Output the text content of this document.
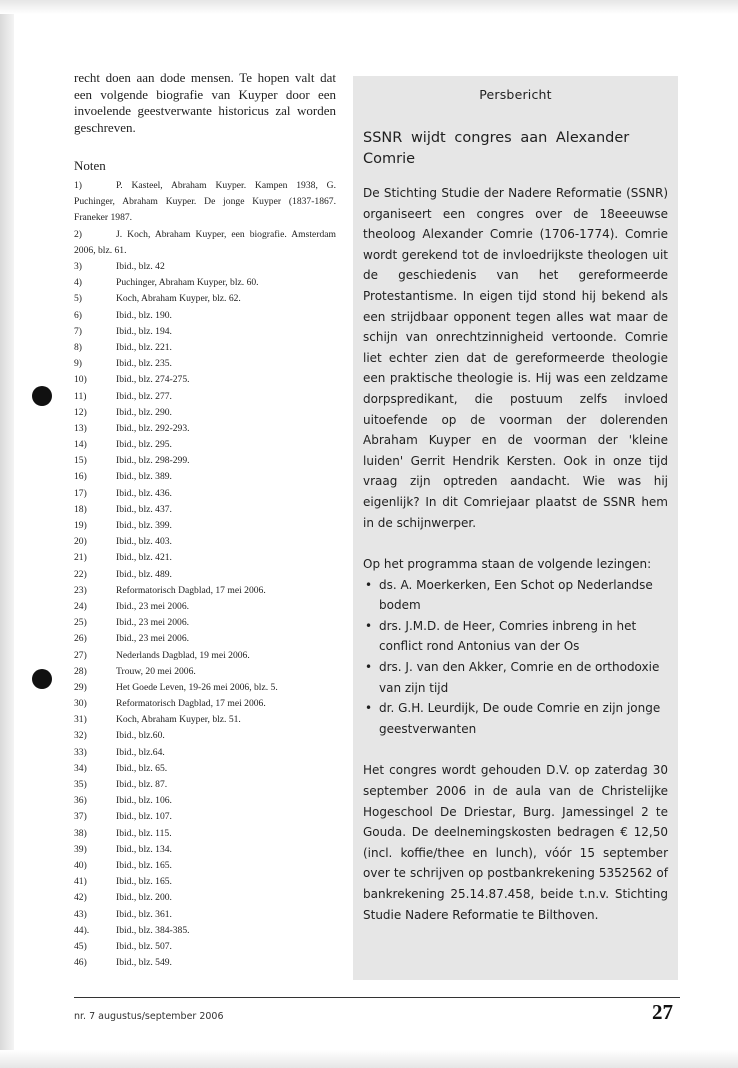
recht doen aan dode mensen. Te hopen valt dat een volgende biografie van Kuyper door een invoelende geestverwante historicus zal worden geschreven.

Noten
1)	P. Kasteel, Abraham Kuyper. Kampen 1938, G. Puchinger, Abraham Kuyper. De jonge Kuyper (1837-1867. Franeker 1987.
2)	J. Koch, Abraham Kuyper, een biografie. Amsterdam 2006, blz. 61.
3)	Ibid., blz. 42
4)	Puchinger, Abraham Kuyper, blz. 60.
5)	Koch, Abraham Kuyper, blz. 62.
6)	Ibid., blz. 190.
7)	Ibid., blz. 194.
8)	Ibid., blz. 221.
9)	Ibid., blz. 235.
10)	Ibid., blz. 274-275.
11)	Ibid., blz. 277.
12)	Ibid., blz. 290.
13)	Ibid., blz. 292-293.
14)	Ibid., blz. 295.
15)	Ibid., blz. 298-299.
16)	Ibid., blz. 389.
17)	Ibid., blz. 436.
18)	Ibid., blz. 437.
19)	Ibid., blz. 399.
20)	Ibid., blz. 403.
21)	Ibid., blz. 421.
22)	Ibid., blz. 489.
23)	Reformatorisch Dagblad, 17 mei 2006.
24)	Ibid., 23 mei 2006.
25)	Ibid., 23 mei 2006.
26)	Ibid., 23 mei 2006.
27)	Nederlands Dagblad, 19 mei 2006.
28)	Trouw, 20 mei 2006.
29)	Het Goede Leven, 19-26 mei 2006, blz. 5.
30)	Reformatorisch Dagblad, 17 mei 2006.
31)	Koch, Abraham Kuyper, blz. 51.
32)	Ibid., blz.60.
33)	Ibid., blz.64.
34)	Ibid., blz. 65.
35)	Ibid., blz. 87.
36)	Ibid., blz. 106.
37)	Ibid., blz. 107.
38)	Ibid., blz. 115.
39)	Ibid., blz. 134.
40)	Ibid., blz. 165.
41)	Ibid., blz. 165.
42)	Ibid., blz. 200.
43)	Ibid., blz. 361.
44).	Ibid., blz. 384-385.
45)	Ibid., blz. 507.
46)	Ibid., blz. 549.
Persbericht
SSNR wijdt congres aan Alexander Comrie

De Stichting Studie der Nadere Reformatie (SSNR) organiseert een congres over de 18eeeuwse theoloog Alexander Comrie (1706-1774). Comrie wordt gerekend tot de invloedrijkste theologen uit de geschiedenis van het gereformeerde Protestantisme. In eigen tijd stond hij bekend als een strijdbaar opponent tegen alles wat maar de schijn van onrechtzinnigheid vertoonde. Comrie liet echter zien dat de gereformeerde theologie een praktische theologie is. Hij was een zeldzame dorpspredikant, die postuum zelfs invloed uitoefende op de voorman der dolerenden Abraham Kuyper en de voorman der 'kleine luiden' Gerrit Hendrik Kersten. Ook in onze tijd vraag zijn optreden aandacht. Wie was hij eigenlijk? In dit Comriejaar plaatst de SSNR hem in de schijnwerper.

Op het programma staan de volgende lezingen:

• ds. A. Moerkerken, Een Schot op Nederlandse bodem
• drs. J.M.D. de Heer, Comries inbreng in het conflict rond Antonius van der Os
• drs. J. van den Akker, Comrie en de orthodoxie van zijn tijd
• dr. G.H. Leurdijk, De oude Comrie en zijn jonge geestverwanten

Het congres wordt gehouden D.V. op zaterdag 30 september 2006 in de aula van de Christelijke Hogeschool De Driestar, Burg. Jamessingel 2 te Gouda. De deelnemingskosten bedragen € 12,50 (incl. koffie/thee en lunch), vóór 15 september over te schrijven op postbankrekening 5352562 of bankrekening 25.14.87.458, beide t.n.v. Stichting Studie Nadere Reformatie te Bilthoven.

nr. 7 augustus/september 2006	27
